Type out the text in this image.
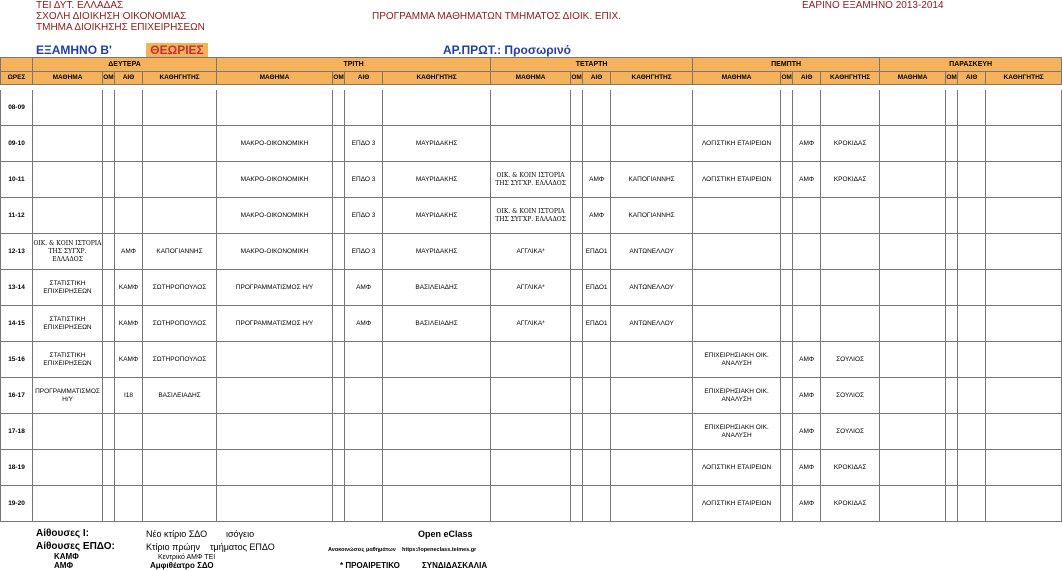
ΤΕΙ ΔΥΤ. ΕΛΛΑΔΑΣ
ΣΧΟΛΗ ΔΙΟΙΚΗΣΗ ΟΙΚΟΝΟΜΙΑΣ
ΤΜΗΜΑ ΔΙΟΙΚΗΣΗΣ ΕΠΙΧΕΙΡΗΣΕΩΝ
ΠΡΟΓΡΑΜΜΑ ΜΑΘΗΜΑΤΩΝ ΤΜΗΜΑΤΟΣ ΔΙΟΙΚ. ΕΠΙΧ.
ΕΑΡΙΝΟ ΕΞΑΜΗΝΟ 2013-2014
ΕΞΑΜΗΝΟ Β'	ΘΕΩΡΙΕΣ	ΑΡ.ΠΡΩΤ.: Προσωρινό
	ΔΕΥΤΕΡΑ				ΤΡΙΤΗ				ΤΕΤΑΡΤΗ				ΠΕΜΠΤΗ				ΠΑΡΑΣΚΕΥΗ			
ΩΡΕΣ	ΜΑΘΗΜΑ	ΟΜ	ΑΙΘ	ΚΑΘΗΓΗΤΗΣ	ΜΑΘΗΜΑ	ΟΜ	ΑΙΘ	ΚΑΘΗΓΗΤΗΣ	ΜΑΘΗΜΑ	ΟΜ	ΑΙΘ	ΚΑΘΗΓΗΤΗΣ	ΜΑΘΗΜΑ	ΟΜ	ΑΙΘ	ΚΑΘΗΓΗΤΗΣ	ΜΑΘΗΜΑ	ΟΜ	ΑΙΘ	ΚΑΘΗΓΗΤΗΣ

08-09																				
09-10					ΜΑΚΡΟ-ΟΙΚΟΝΟΜΙΚΗ		ΕΠΔΟ 3	ΜΑΥΡΙΔΑΚΗΣ					ΛΟΓΙΣΤΙΚΗ ΕΤΑΙΡΕΙΩΝ		ΑΜΦ	ΚΡΟΚΙΔΑΣ				
10-11					ΜΑΚΡΟ-ΟΙΚΟΝΟΜΙΚΗ		ΕΠΔΟ 3	ΜΑΥΡΙΔΑΚΗΣ	ΟΙΚ. & ΚΟΙΝ ΙΣΤΟΡΙΑ ΤΗΣ ΣΥΓΧΡ. ΕΛΛΑΔΟΣ		ΑΜΦ	ΚΑΠΟΓΙΑΝΝΗΣ	ΛΟΓΙΣΤΙΚΗ ΕΤΑΙΡΕΙΩΝ		ΑΜΦ	ΚΡΟΚΙΔΑΣ				
11-12					ΜΑΚΡΟ-ΟΙΚΟΝΟΜΙΚΗ		ΕΠΔΟ 3	ΜΑΥΡΙΔΑΚΗΣ	ΟΙΚ. & ΚΟΙΝ ΙΣΤΟΡΙΑ ΤΗΣ ΣΥΓΧΡ. ΕΛΛΑΔΟΣ		ΑΜΦ	ΚΑΠΟΓΙΑΝΝΗΣ								
12-13	ΟΙΚ. & ΚΟΙΝ ΙΣΤΟΡΙΑ ΤΗΣ ΣΥΓΧΡ. ΕΛΛΑΔΟΣ		ΑΜΦ	ΚΑΠΟΓΙΑΝΝΗΣ	ΜΑΚΡΟ-ΟΙΚΟΝΟΜΙΚΗ		ΕΠΔΟ 3	ΜΑΥΡΙΔΑΚΗΣ	ΑΓΓΛΙΚΑ*		ΕΠΔΟ1	ΑΝΤΩΝΕΛΛΟΥ								
13-14	ΣΤΑΤΙΣΤΙΚΗ ΕΠΙΧΕΙΡΗΣΕΩΝ		ΚΑΜΦ	ΣΩΤΗΡΟΠΟΥΛΟΣ	ΠΡΟΓΡΑΜΜΑΤΙΣΜΟΣ Η/Υ		ΑΜΦ	ΒΑΣΙΛΕΙΑΔΗΣ	ΑΓΓΛΙΚΑ*		ΕΠΔΟ1	ΑΝΤΩΝΕΛΛΟΥ								
14-15	ΣΤΑΤΙΣΤΙΚΗ ΕΠΙΧΕΙΡΗΣΕΩΝ		ΚΑΜΦ	ΣΩΤΗΡΟΠΟΥΛΟΣ	ΠΡΟΓΡΑΜΜΑΤΙΣΜΟΣ Η/Υ		ΑΜΦ	ΒΑΣΙΛΕΙΑΔΗΣ	ΑΓΓΛΙΚΑ*		ΕΠΔΟ1	ΑΝΤΩΝΕΛΛΟΥ								
15-16	ΣΤΑΤΙΣΤΙΚΗ ΕΠΙΧΕΙΡΗΣΕΩΝ		ΚΑΜΦ	ΣΩΤΗΡΟΠΟΥΛΟΣ									ΕΠΙΧΕΙΡΗΣΙΑΚΗ ΟΙΚ. ΑΝΑΛΥΣΗ		ΑΜΦ	ΣΟΥΛΙΟΣ				
16-17	ΠΡΟΓΡΑΜΜΑΤΙΣΜΟΣ Η/Υ		Ι18	ΒΑΣΙΛΕΙΑΔΗΣ									ΕΠΙΧΕΙΡΗΣΙΑΚΗ ΟΙΚ. ΑΝΑΛΥΣΗ		ΑΜΦ	ΣΟΥΛΙΟΣ				
17-18													ΕΠΙΧΕΙΡΗΣΙΑΚΗ ΟΙΚ. ΑΝΑΛΥΣΗ		ΑΜΦ	ΣΟΥΛΙΟΣ				
18-19													ΛΟΓΙΣΤΙΚΗ ΕΤΑΙΡΕΙΩΝ		ΑΜΦ	ΚΡΟΚΙΔΑΣ				
19-20													ΛΟΓΙΣΤΙΚΗ ΕΤΑΙΡΕΙΩΝ		ΑΜΦ	ΚΡΟΚΙΔΑΣ				
Αίθουσες Ι:	Νέο κτίριο ΣΔΟ ισόγειο	Open eClass
Αίθουσες ΕΠΔΟ:	Κτίριο πρώην τμήματος ΕΠΔΟ	Ανακοινώσεις μαθημάτων https://openeclass.teimes.gr
ΚΑΜΦ	Κεντρικό ΑΜΦ ΤΕΙ
ΑΜΦ	Αμφιθέατρο ΣΔΟ	* ΠΡΟΑΙΡΕΤΙΚΟ	ΣΥΝΔΙΔΑΣΚΑΛΙΑ
